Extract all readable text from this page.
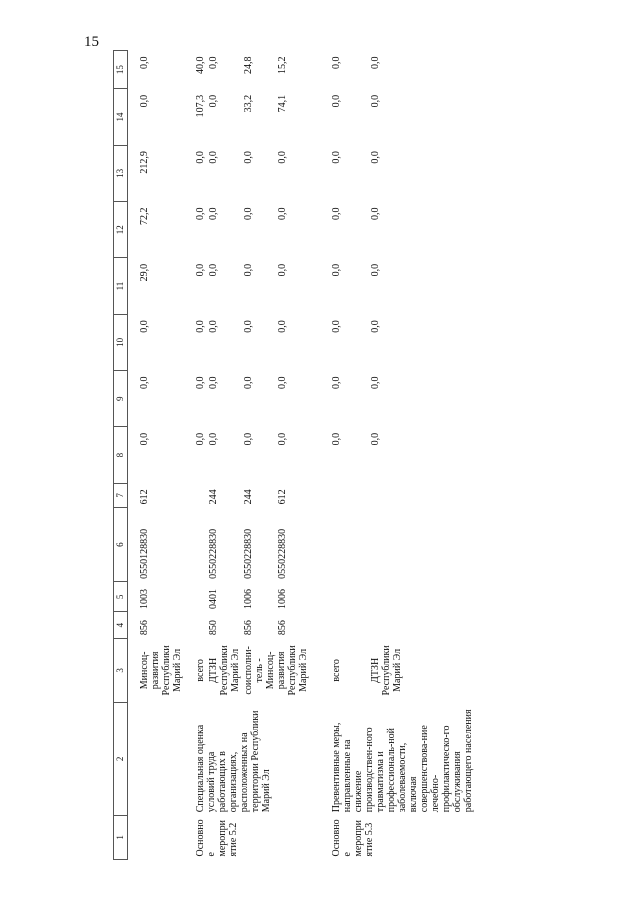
15
1	2	3	4	5	6	7	8	9	10	11	12	13	14	15

		Минсоц-развития Республики Марий Эл	856	1003	0550128830	612	0,0	0,0	0,0	29,0	72,2	212,9	0,0	0,0

Основное мероприятие 5.2	Специальная оценка условий труда работающих в организациях, расположенных на территории Республики Марий Эл	всего					0,0	0,0	0,0	0,0	0,0	0,0	107,3	40,0
		ДТЗН Республики Марий Эл	850	0401	0550228830	244	0,0	0,0	0,0	0,0	0,0	0,0	0,0	0,0
		соисполни-тель - Минсоц-развития Республики Марий Эл	856	1006	0550228830	244	0,0	0,0	0,0	0,0	0,0	0,0	33,2	24,8
			856	1006	0550228830	612	0,0	0,0	0,0	0,0	0,0	0,0	74,1	15,2

Основное мероприятие 5.3	Превентивные меры, направленные на снижение производствен-ного травматизма и профессиональ-ной заболеваемости, включая совершенствова-ние лечебно-профилактическо-го обслуживания работающего населения	всего					0,0	0,0	0,0	0,0	0,0	0,0	0,0	0,0
		ДТЗН Республики Марий Эл					0,0	0,0	0,0	0,0	0,0	0,0	0,0	0,0
